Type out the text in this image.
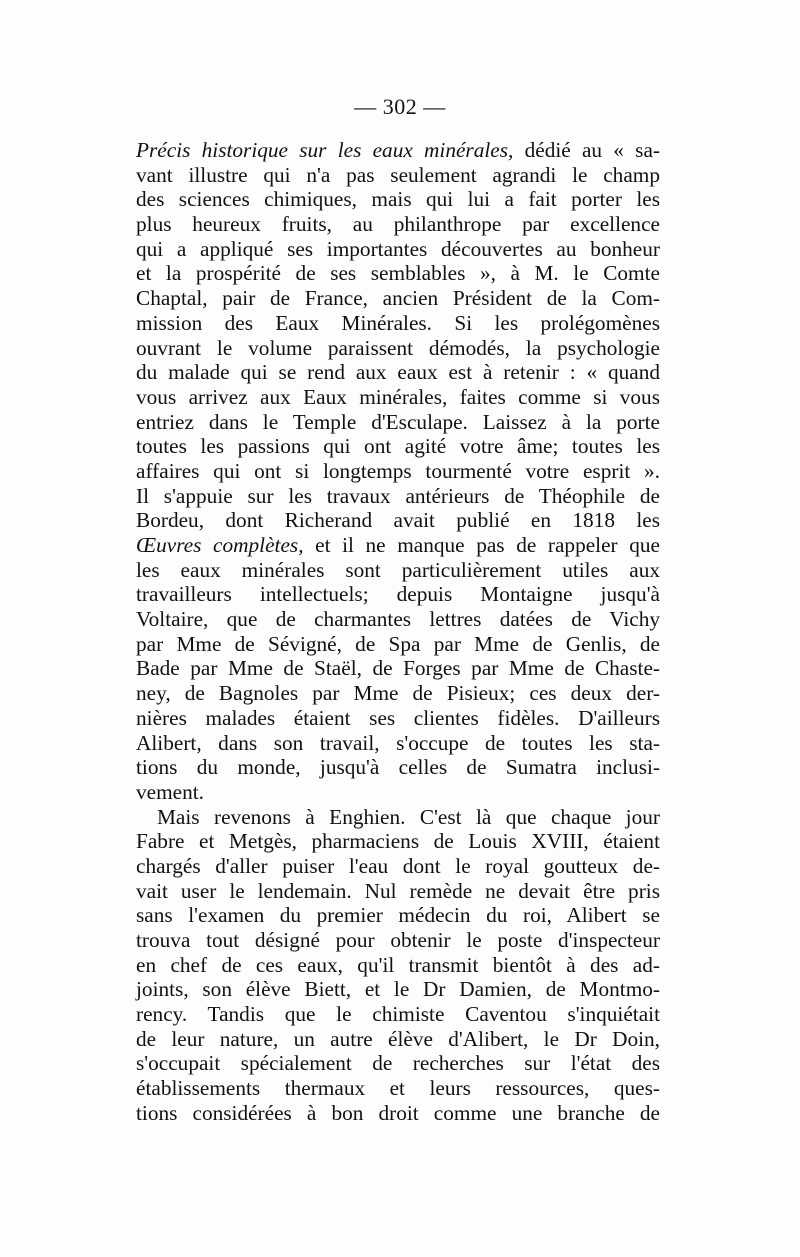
— 302 —
Précis historique sur les eaux minérales, dédié au « sa-
vant illustre qui n'a pas seulement agrandi le champ
des sciences chimiques, mais qui lui a fait porter les
plus heureux fruits, au philanthrope par excellence
qui a appliqué ses importantes découvertes au bonheur
et la prospérité de ses semblables », à M. le Comte
Chaptal, pair de France, ancien Président de la Com-
mission des Eaux Minérales. Si les prolégomènes
ouvrant le volume paraissent démodés, la psychologie
du malade qui se rend aux eaux est à retenir : « quand
vous arrivez aux Eaux minérales, faites comme si vous
entriez dans le Temple d'Esculape. Laissez à la porte
toutes les passions qui ont agité votre âme; toutes les
affaires qui ont si longtemps tourmenté votre esprit ».
Il s'appuie sur les travaux antérieurs de Théophile de
Bordeu, dont Richerand avait publié en 1818 les
Œuvres complètes, et il ne manque pas de rappeler que
les eaux minérales sont particulièrement utiles aux
travailleurs intellectuels; depuis Montaigne jusqu'à
Voltaire, que de charmantes lettres datées de Vichy
par Mme de Sévigné, de Spa par Mme de Genlis, de
Bade par Mme de Staël, de Forges par Mme de Chaste-
ney, de Bagnoles par Mme de Pisieux; ces deux der-
nières malades étaient ses clientes fidèles. D'ailleurs
Alibert, dans son travail, s'occupe de toutes les sta-
tions du monde, jusqu'à celles de Sumatra inclusi-
vement.
Mais revenons à Enghien. C'est là que chaque jour
Fabre et Metgès, pharmaciens de Louis XVIII, étaient
chargés d'aller puiser l'eau dont le royal goutteux de-
vait user le lendemain. Nul remède ne devait être pris
sans l'examen du premier médecin du roi, Alibert se
trouva tout désigné pour obtenir le poste d'inspecteur
en chef de ces eaux, qu'il transmit bientôt à des ad-
joints, son élève Biett, et le Dr Damien, de Montmo-
rency. Tandis que le chimiste Caventou s'inquiétait
de leur nature, un autre élève d'Alibert, le Dr Doin,
s'occupait spécialement de recherches sur l'état des
établissements thermaux et leurs ressources, ques-
tions considérées à bon droit comme une branche de
